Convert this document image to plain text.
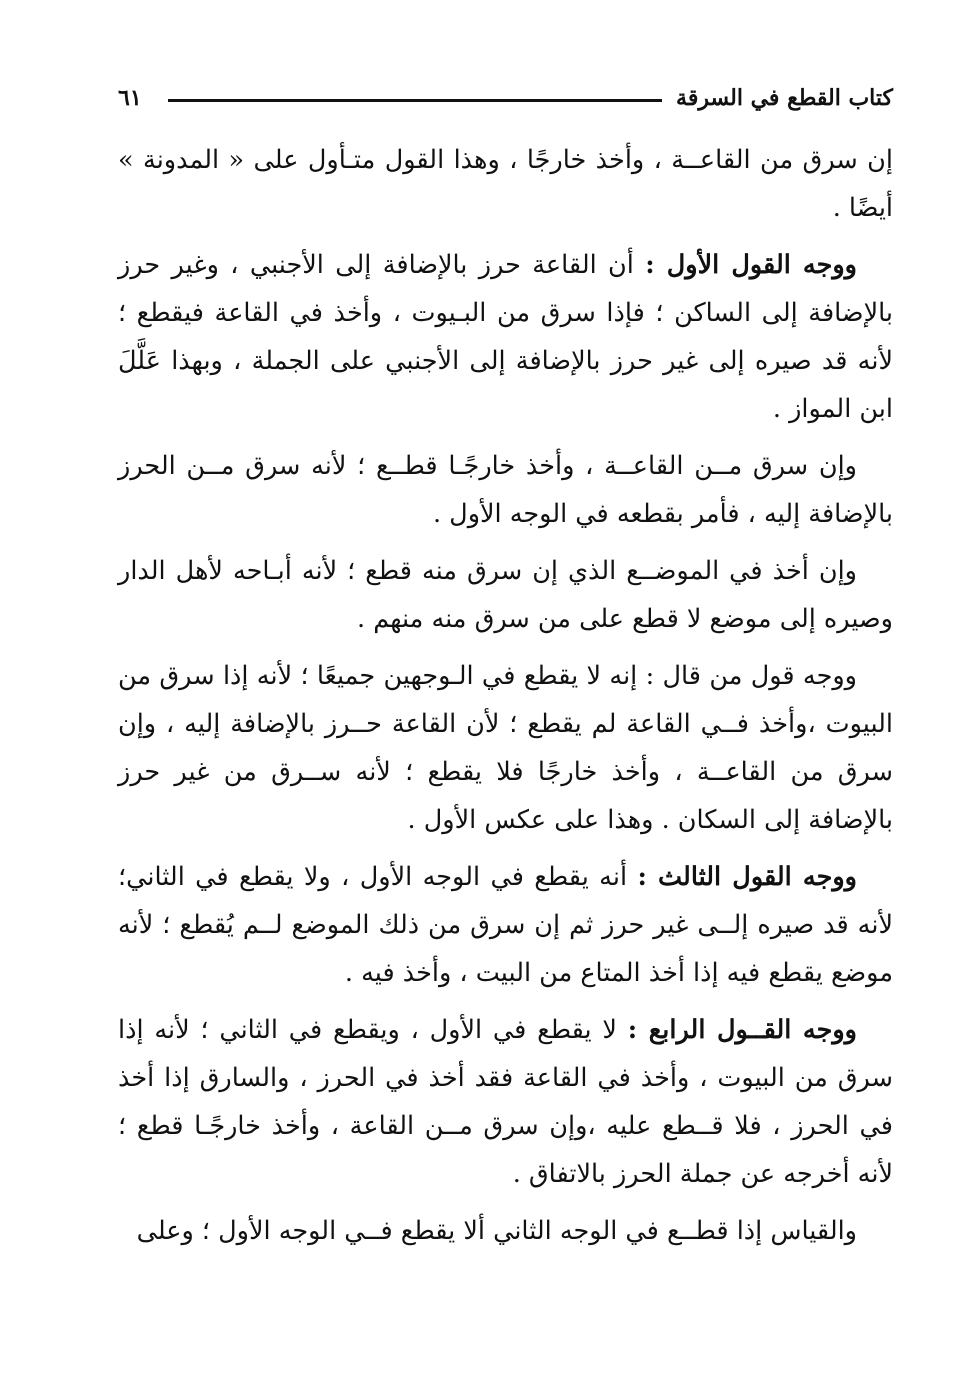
كتاب القطع في السرقة
٦١

إن سرق من القاعــة ، وأخذ خارجًا ، وهذا القول متـأول على « المدونة » أيضًا .

ووجه القول الأول : أن القاعة حرز بالإضافة إلى الأجنبي ، وغير حرز بالإضافة إلى الساكن ؛ فإذا سرق من البـيوت ، وأخذ في القاعة فيقطع ؛ لأنه قد صيره إلى غير حرز بالإضافة إلى الأجنبي على الجملة ، وبهذا عَلَّلَ ابن المواز .

وإن سرق مــن القاعــة ، وأخذ خارجًـا قطــع ؛ لأنه سرق مــن الحرز بالإضافة إليه ، فأمر بقطعه في الوجه الأول .

وإن أخذ في الموضــع الذي إن سرق منه قطع ؛ لأنه أبـاحه لأهل الدار وصيره إلى موضع لا قطع على من سرق منه منهم .

ووجه قول من قال : إنه لا يقطع في الـوجهين جميعًا ؛ لأنه إذا سرق من البيوت ،وأخذ فــي القاعة لم يقطع ؛ لأن القاعة حــرز بالإضافة إليه ، وإن سرق من القاعــة ، وأخذ خارجًا فلا يقطع ؛ لأنه ســرق من غير حرز بالإضافة إلى السكان . وهذا على عكس الأول .

ووجه القول الثالث : أنه يقطع في الوجه الأول ، ولا يقطع في الثاني؛ لأنه قد صيره إلــى غير حرز ثم إن سرق من ذلك الموضع لــم يُقطع ؛ لأنه موضع يقطع فيه إذا أخذ المتاع من البيت ، وأخذ فيه .

ووجه القــول الرابع : لا يقطع في الأول ، ويقطع في الثاني ؛ لأنه إذا سرق من البيوت ، وأخذ في القاعة فقد أخذ في الحرز ، والسارق إذا أخذ في الحرز ، فلا قــطع عليه ،وإن سرق مــن القاعة ، وأخذ خارجًـا قطع ؛ لأنه أخرجه عن جملة الحرز بالاتفاق .

والقياس إذا قطــع في الوجه الثاني ألا يقطع فــي الوجه الأول ؛ وعلى
